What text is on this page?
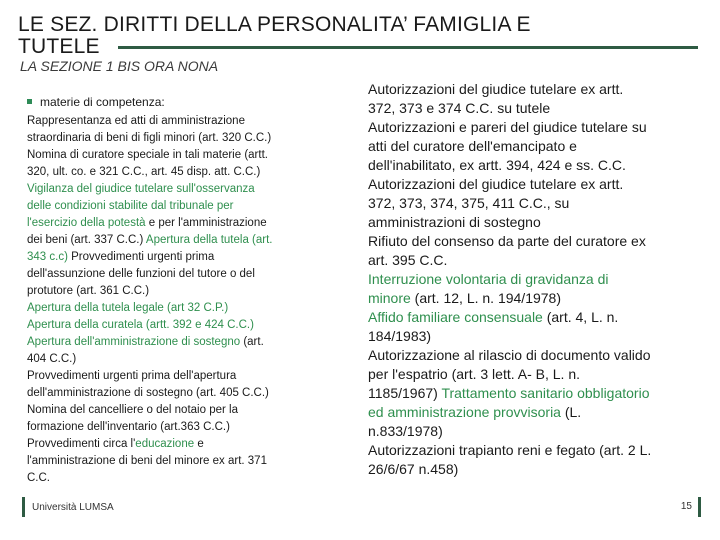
LE SEZ. DIRITTI DELLA PERSONALITA’ FAMIGLIA E
TUTELE
LA SEZIONE 1 BIS ORA NONA
materie di competenza:
Rappresentanza ed atti di amministrazione
straordinaria di beni di figli minori (art. 320 C.C.)
Nomina di curatore speciale in tali materie (artt.
320, ult. co. e 321 C.C., art. 45 disp. att. C.C.)
Vigilanza del giudice tutelare sull'osservanza
delle condizioni stabilite dal tribunale per
l'esercizio della potestà e per l'amministrazione
dei beni (art. 337 C.C.) Apertura della tutela (art.
343 c.c) Provvedimenti urgenti prima
dell'assunzione delle funzioni del tutore o del
protutore (art. 361 C.C.)
Apertura della tutela legale (art 32 C.P.)
Apertura della curatela (artt. 392 e 424 C.C.)
Apertura dell'amministrazione di sostegno (art.
404 C.C.)
Provvedimenti urgenti prima dell'apertura
dell'amministrazione di sostegno (art. 405 C.C.)
Nomina del cancelliere o del notaio per la
formazione dell'inventario (art.363 C.C.)
Provvedimenti circa l'educazione e
l'amministrazione di beni del minore ex art. 371
C.C.
Autorizzazioni del giudice tutelare ex artt.
372, 373 e 374 C.C. su tutele
Autorizzazioni e pareri del giudice tutelare su
atti del curatore dell'emancipato e
dell'inabilitato, ex artt. 394, 424 e ss. C.C.
Autorizzazioni del giudice tutelare ex artt.
372, 373, 374, 375, 411 C.C., su
amministrazioni di sostegno
Rifiuto del consenso da parte del curatore ex
art. 395 C.C.
Interruzione volontaria di gravidanza di
minore (art. 12, L. n. 194/1978)
Affido familiare consensuale (art. 4, L. n.
184/1983)
Autorizzazione al rilascio di documento valido
per l'espatrio (art. 3 lett. A- B, L. n.
1185/1967) Trattamento sanitario obbligatorio
ed amministrazione provvisoria (L.
n.833/1978)
Autorizzazioni trapianto reni e fegato (art. 2 L.
26/6/67 n.458)
Università LUMSA	15
